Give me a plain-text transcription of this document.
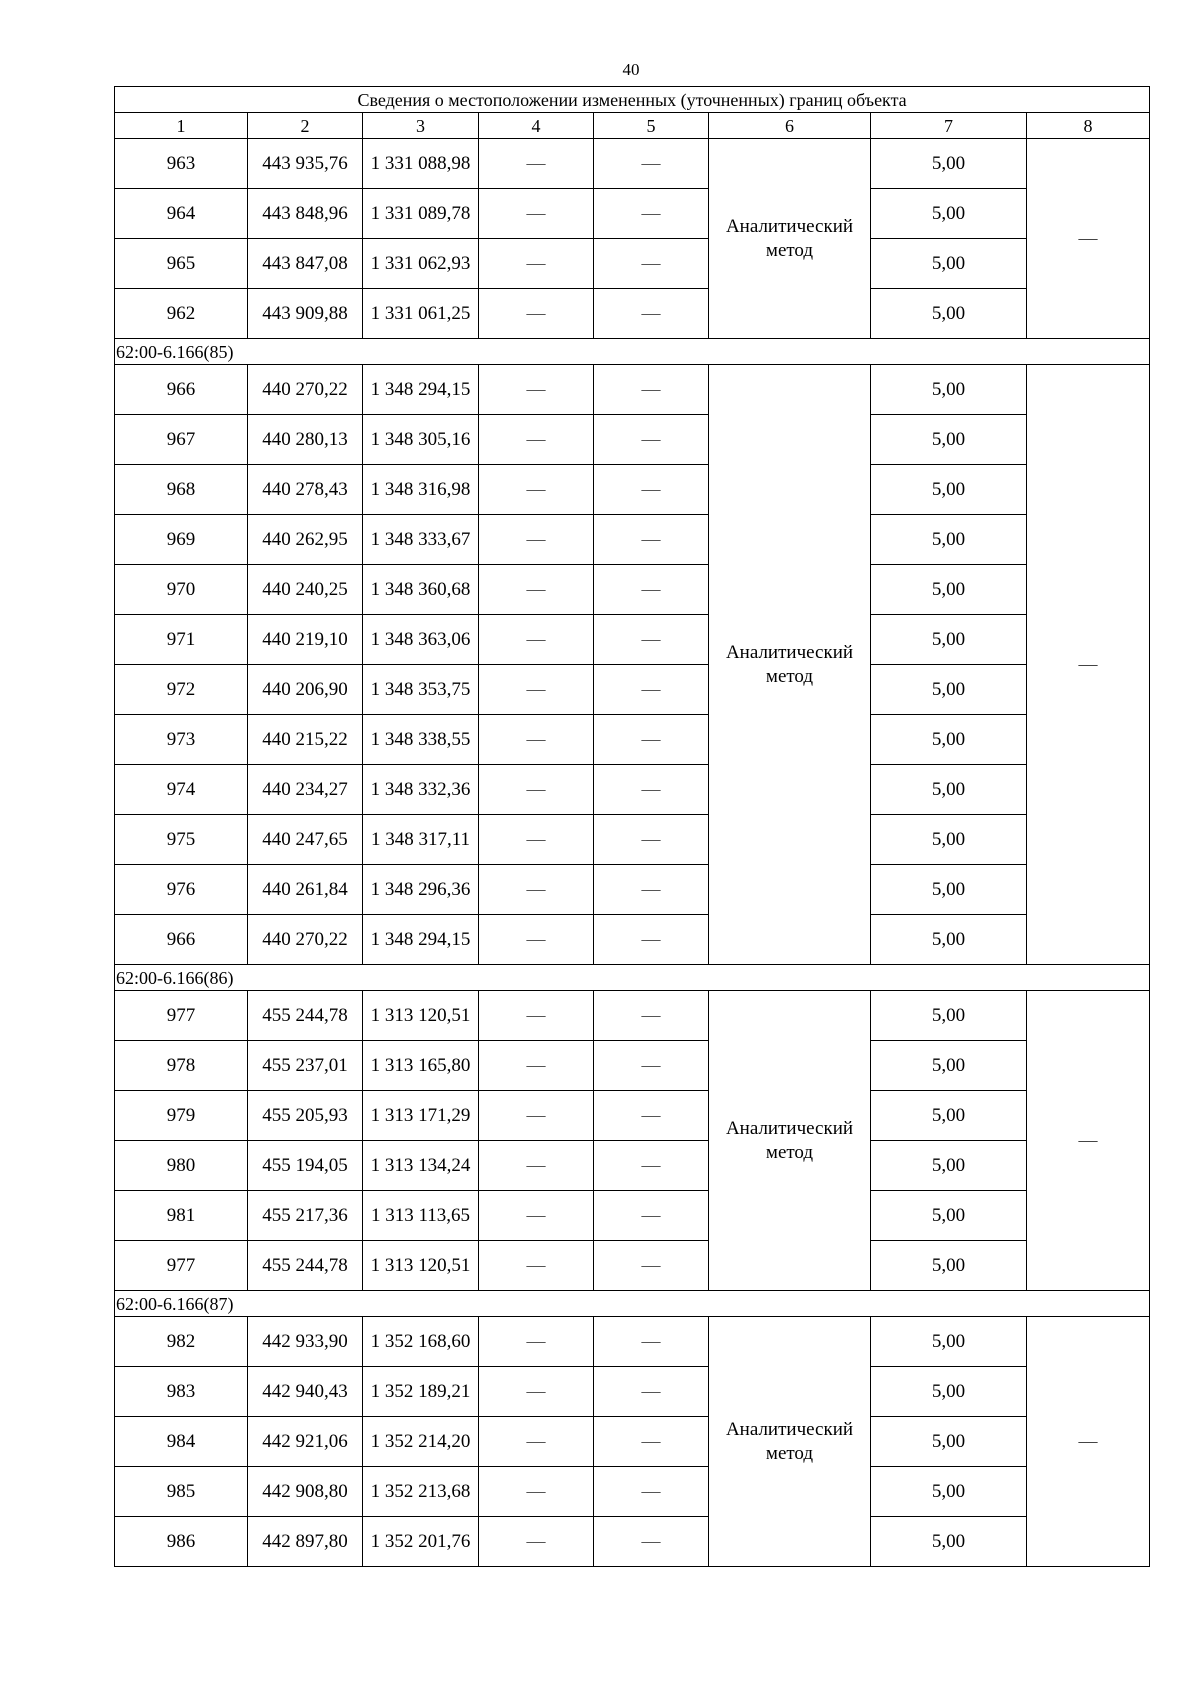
40
Сведения о местоположении измененных (уточненных) границ объекта							
1	2	3	4	5	6	7	8
963	443 935,76	1 331 088,98	—	—	Аналитический метод	5,00	—
964	443 848,96	1 331 089,78	—	—		5,00	
965	443 847,08	1 331 062,93	—	—		5,00	
962	443 909,88	1 331 061,25	—	—		5,00	
62:00-6.166(85)							
966	440 270,22	1 348 294,15	—	—	Аналитический метод	5,00	—
967	440 280,13	1 348 305,16	—	—		5,00	
968	440 278,43	1 348 316,98	—	—		5,00	
969	440 262,95	1 348 333,67	—	—		5,00	
970	440 240,25	1 348 360,68	—	—		5,00	
971	440 219,10	1 348 363,06	—	—		5,00	
972	440 206,90	1 348 353,75	—	—		5,00	
973	440 215,22	1 348 338,55	—	—		5,00	
974	440 234,27	1 348 332,36	—	—		5,00	
975	440 247,65	1 348 317,11	—	—		5,00	
976	440 261,84	1 348 296,36	—	—		5,00	
966	440 270,22	1 348 294,15	—	—		5,00	
62:00-6.166(86)							
977	455 244,78	1 313 120,51	—	—	Аналитический метод	5,00	—
978	455 237,01	1 313 165,80	—	—		5,00	
979	455 205,93	1 313 171,29	—	—		5,00	
980	455 194,05	1 313 134,24	—	—		5,00	
981	455 217,36	1 313 113,65	—	—		5,00	
977	455 244,78	1 313 120,51	—	—		5,00	
62:00-6.166(87)							
982	442 933,90	1 352 168,60	—	—	Аналитический метод	5,00	—
983	442 940,43	1 352 189,21	—	—		5,00	
984	442 921,06	1 352 214,20	—	—		5,00	
985	442 908,80	1 352 213,68	—	—		5,00	
986	442 897,80	1 352 201,76	—	—		5,00	
